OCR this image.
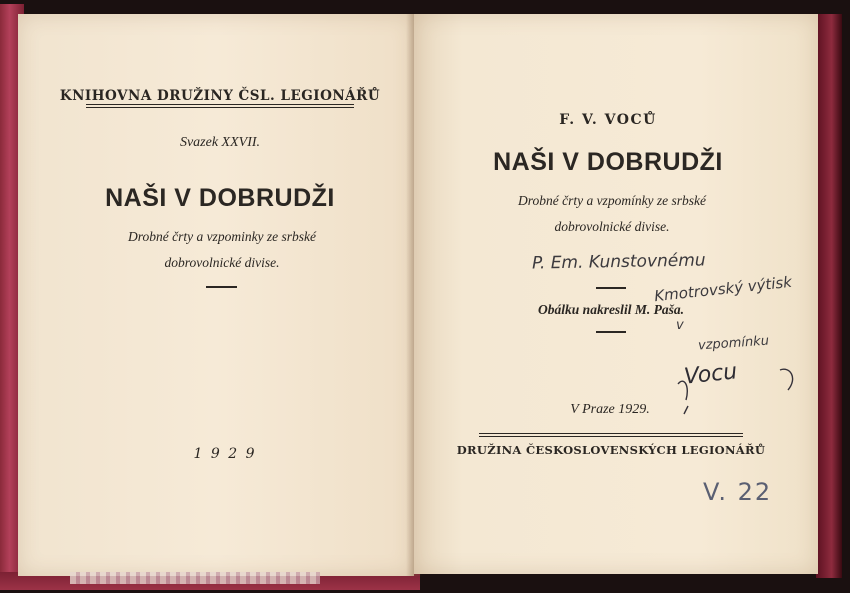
KNIHOVNA DRUŽINY ČSL. LEGIONÁŘŮ
Svazek XXVII.
NAŠI V DOBRUDŽI
Drobné črty a vzpominky ze srbské
dobrovolnické divise.
1 9 2 9
F. V. VOCŮ
NAŠI V DOBRUDŽI
Drobné črty a vzpomínky ze srbské
dobrovolnické divise.
Obálku nakreslil M. Paša.
V Praze 1929.
DRUŽINA ČESKOSLOVENSKÝCH LEGIONÁŘŮ
P. Em. Kunstovnému
Kmotrovský výtisk
v
vzpomínku
Vocu
V. 22
